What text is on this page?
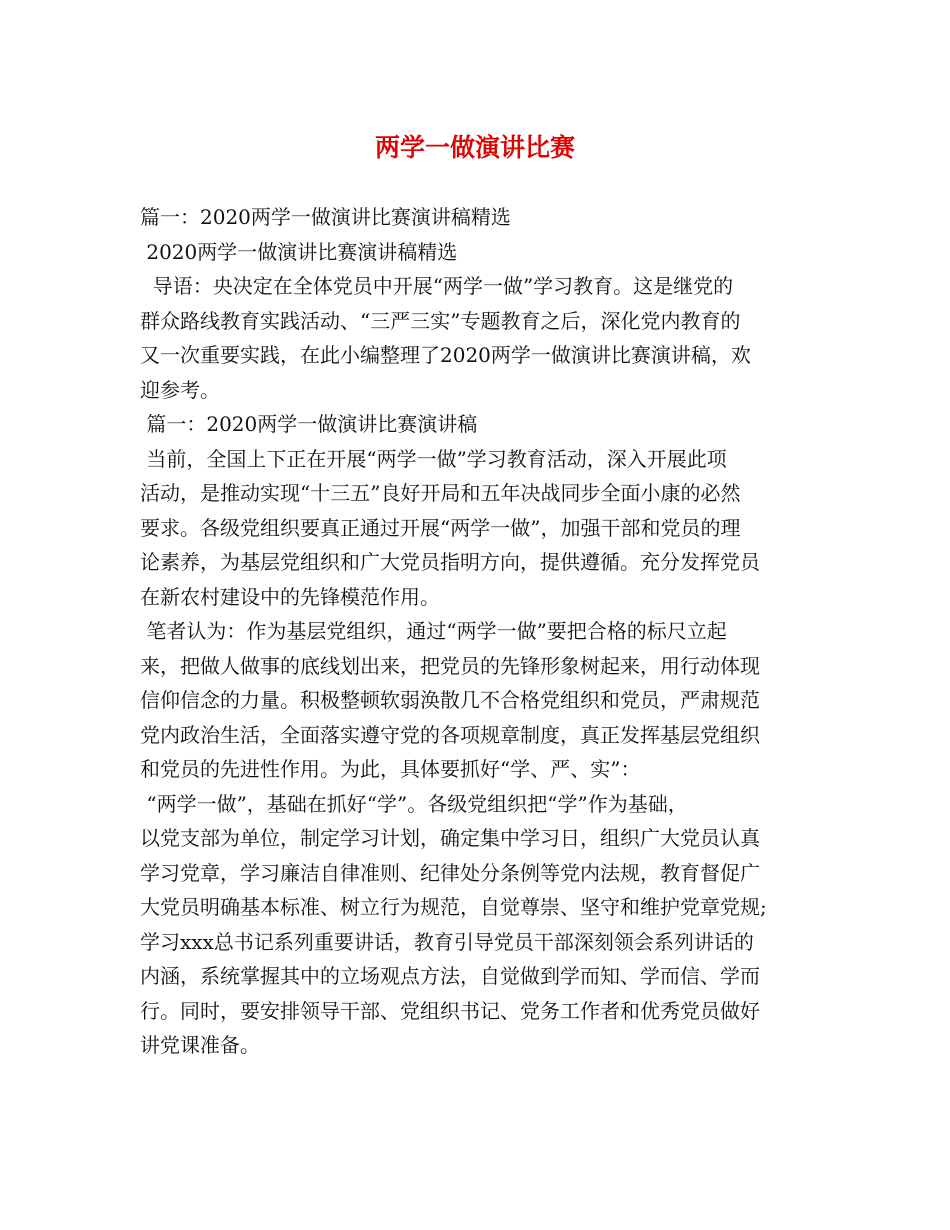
两学一做演讲比赛
篇一：2020两学一做演讲比赛演讲稿精选
2020两学一做演讲比赛演讲稿精选
导语：央决定在全体党员中开展“两学一做”学习教育。这是继党的
群众路线教育实践活动、“三严三实”专题教育之后，深化党内教育的
又一次重要实践，在此小编整理了2020两学一做演讲比赛演讲稿，欢
迎参考。
篇一：2020两学一做演讲比赛演讲稿
当前，全国上下正在开展“两学一做”学习教育活动，深入开展此项
活动，是推动实现“十三五”良好开局和五年决战同步全面小康的必然
要求。各级党组织要真正通过开展“两学一做”，加强干部和党员的理
论素养，为基层党组织和广大党员指明方向，提供遵循。充分发挥党员
在新农村建设中的先锋模范作用。
笔者认为：作为基层党组织，通过“两学一做”要把合格的标尺立起
来，把做人做事的底线划出来，把党员的先锋形象树起来，用行动体现
信仰信念的力量。积极整顿软弱涣散几不合格党组织和党员，严肃规范
党内政治生活，全面落实遵守党的各项规章制度，真正发挥基层党组织
和党员的先进性作用。为此，具体要抓好“学、严、实”：
“两学一做”，基础在抓好“学”。各级党组织把“学”作为基础，
以党支部为单位，制定学习计划，确定集中学习日，组织广大党员认真
学习党章，学习廉洁自律准则、纪律处分条例等党内法规，教育督促广
大党员明确基本标准、树立行为规范，自觉尊崇、坚守和维护党章党规;
学习xxx总书记系列重要讲话，教育引导党员干部深刻领会系列讲话的
内涵，系统掌握其中的立场观点方法，自觉做到学而知、学而信、学而
行。同时，要安排领导干部、党组织书记、党务工作者和优秀党员做好
讲党课准备。
